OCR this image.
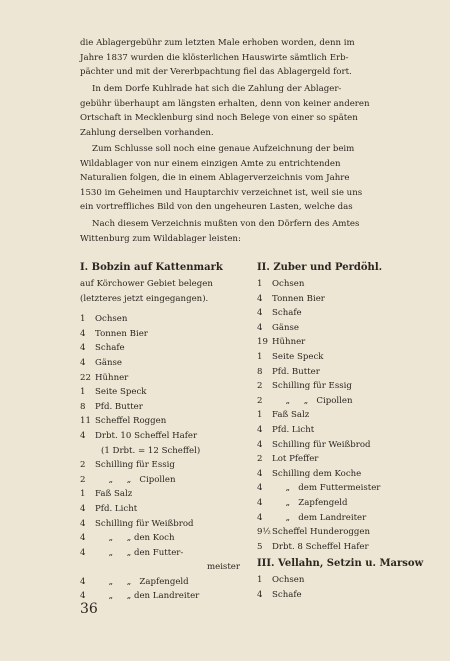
die Ablagergebühr zum letzten Male erhoben worden, denn im
Jahre 1837 wurden die klösterlichen Hauswirte sämtlich Erb-
pächter und mit der Vererbpachtung fiel das Ablagergeld fort.

In dem Dorfe Kuhlrade hat sich die Zahlung der Ablager-
gebühr überhaupt am längsten erhalten, denn von keiner anderen
Ortschaft in Mecklenburg sind noch Belege von einer so späten
Zahlung derselben vorhanden.

Zum Schlusse soll noch eine genaue Aufzeichnung der beim
Wildablager von nur einem einzigen Amte zu entrichtenden
Naturalien folgen, die in einem Ablagerverzeichnis vom Jahre
1530 im Geheimen und Hauptarchiv verzeichnet ist, weil sie uns
ein vortreffliches Bild von den ungeheuren Lasten, welche das

Nach diesem Verzeichnis mußten von den Dörfern des Amtes
Wittenburg zum Wildablager leisten:

I. Bobzin auf Kattenmark

auf Körchower Gebiet belegen

(letzteres jetzt eingegangen).

1	Ochsen
4	Tonnen Bier
4	Schafe
4	Gänse
22 Hühner
1	Seite Speck
8	Pfd. Butter
11 Scheffel Roggen
4	Drbt. 10 Scheffel Hafer
(1 Drbt. = 12 Scheffel)
2	Schilling für Essig
2	„     „   Cipollen
1	Faß Salz
4	Pfd. Licht
4	Schilling für Weißbrod
4	„     „ den Koch
4	„     „ den Futter-
meister
4	„     „   Zapfengeld
4	„     „ den Landreiter

II. Zuber und Perdöhl.

1	Ochsen
4	Tonnen Bier
4	Schafe
4	Gänse
19 Hühner
1	Seite Speck
8	Pfd. Butter
2	Schilling für Essig
2	„     „   Cipollen
1	Faß Salz
4	Pfd. Licht
4	Schilling für Weißbrod
2	Lot Pfeffer
4	Schilling dem Koche
4	„   dem Futtermeister
4	„   Zapfengeld
4	„   dem Landreiter
9½ Scheffel Hunderoggen
5	Drbt. 8 Scheffel Hafer

III. Vellahn, Setzin u. Marsow

1	Ochsen
4	Schafe

36
